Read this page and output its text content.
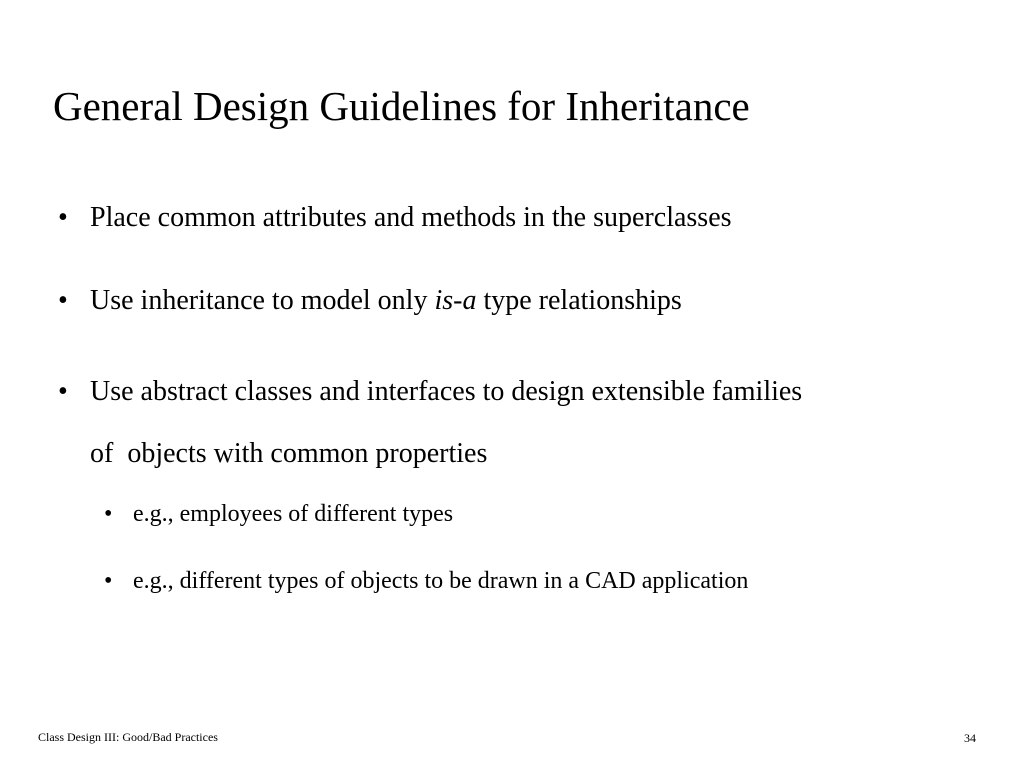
General Design Guidelines for Inheritance
• Place common attributes and methods in the superclasses
• Use inheritance to model only is-a type relationships
• Use abstract classes and interfaces to design extensible families
of  objects with common properties
• e.g., employees of different types
• e.g., different types of objects to be drawn in a CAD application
Class Design III: Good/Bad Practices	34
